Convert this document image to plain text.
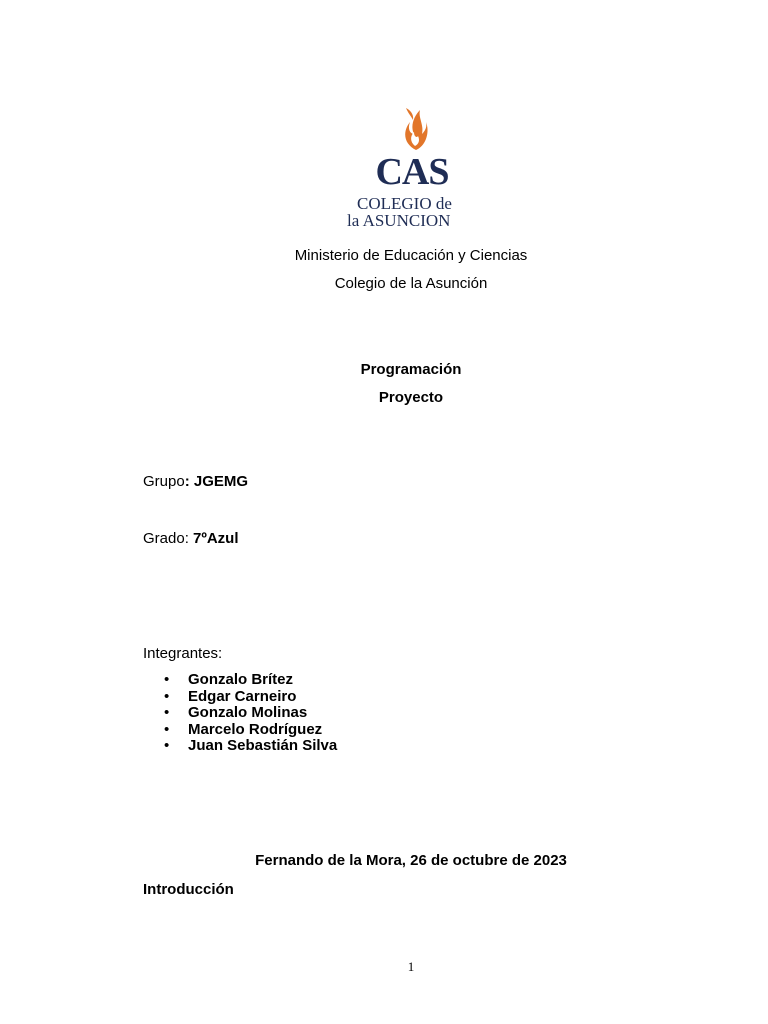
CAS
COLEGIO de
la ASUNCION
Ministerio de Educación y Ciencias
Colegio de la Asunción
Programación
Proyecto
Grupo: JGEMG
Grado: 7ºAzul
Integrantes:
• Gonzalo Brítez
• Edgar Carneiro
• Gonzalo Molinas
• Marcelo Rodríguez
• Juan Sebastián Silva
Fernando de la Mora, 26 de octubre de 2023
Introducción
1
